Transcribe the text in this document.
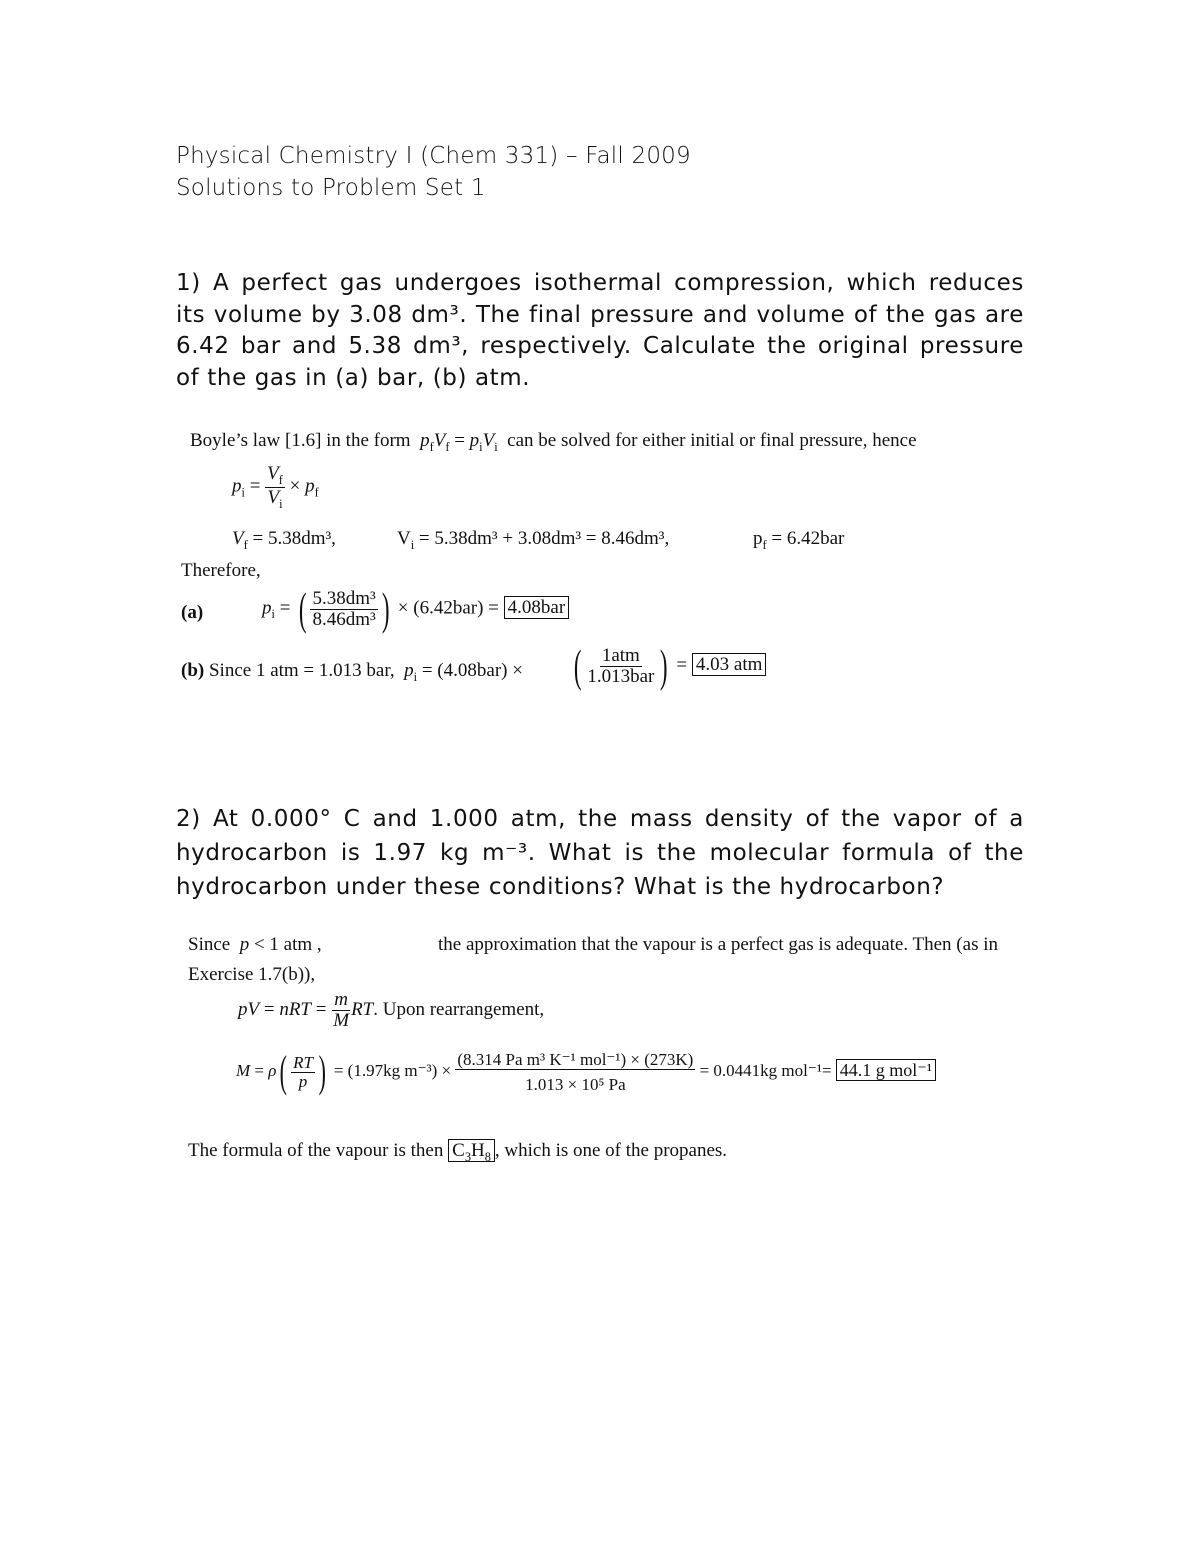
Physical Chemistry I (Chem 331) – Fall 2009
Solutions to Problem Set 1
1) A perfect gas undergoes isothermal compression, which reduces its volume by 3.08 dm³. The final pressure and volume of the gas are 6.42 bar and 5.38 dm³, respectively. Calculate the original pressure of the gas in (a) bar, (b) atm.
Boyle’s law [1.6] in the form $p_fV_f = p_iV_i$ can be solved for either initial or final pressure, hence
$p_i = \frac{V_f}{V_i} \times p_f$
$V_f = 5.38dm^3$,	$V_i = 5.38dm^3 + 3.08dm^3 = 8.46dm^3$,	$p_f = 6.42bar$
Therefore,
(a)	$p_i$ = ( $\frac{\text{5.38dm³}}{\text{8.46dm³}}$ ) × (6.42bar) = 4.08bar
(b) Since 1 atm = 1.013 bar, $p_i = (4.08bar)$ × ( $\frac{\text{1atm}}{\text{1.013bar}}$ ) = 4.03 atm
2) At 0.000° C and 1.000 atm, the mass density of the vapor of a hydrocarbon is 1.97 kg m⁻³. What is the molecular formula of the hydrocarbon under these conditions? What is the hydrocarbon?
Since p < 1 atm ,	the approximation that the vapour is a perfect gas is adequate. Then (as in
Exercise 1.7(b)),
pV = nRT = $\frac{m}{M}$ RT. Upon rearrangement,
$M = \rho( \frac{RT}{p}$ ) = (1.97kg $m^{-3}) \times \frac{\text{(8.314 Pa m³ K⁻¹ mol⁻¹) × (273K)}}{\text{1.013 × 10⁵ Pa}} = 0.0441kg$ mol⁻¹= 44.1 g mol⁻¹
The formula of the vapour is then $C_3H_8$ , which is one of the propanes.
